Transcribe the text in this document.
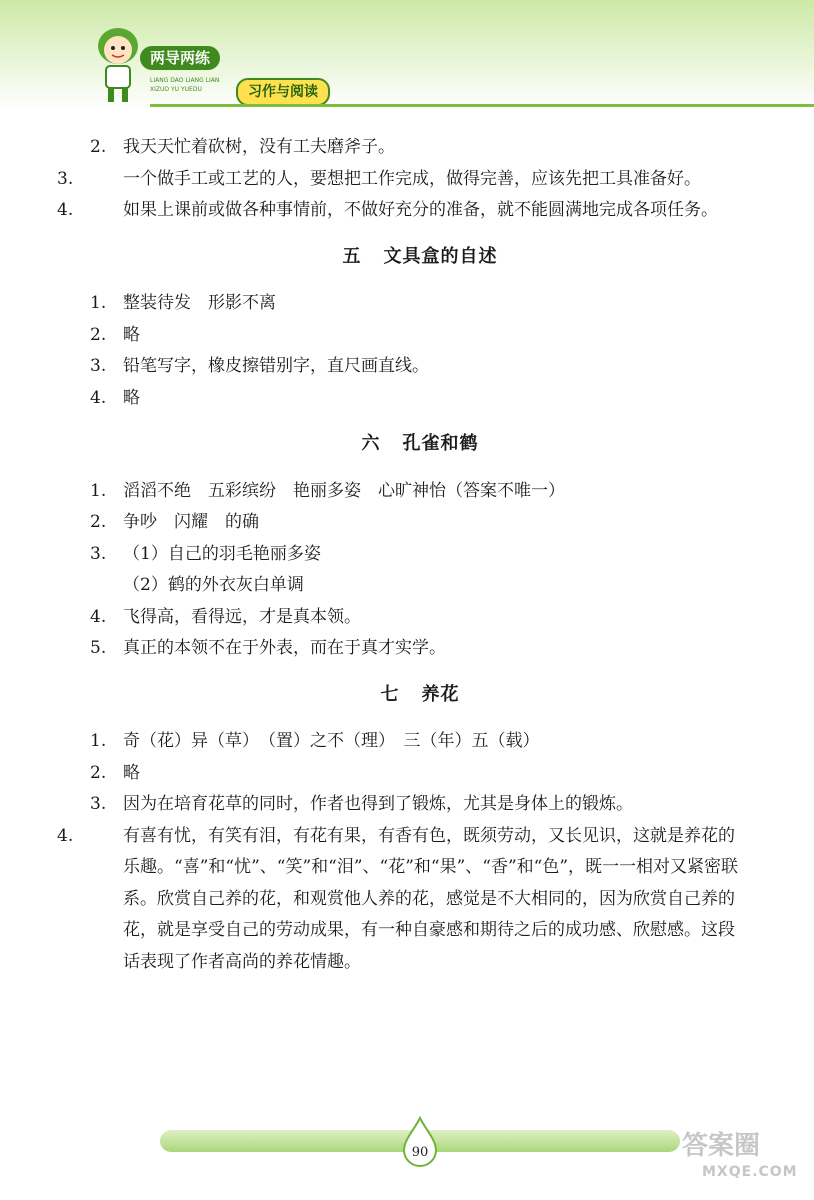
两导两练
LIANG DAO LIANG LIAN XIZUO YU YUEDU	习作与阅读
2. 我天天忙着砍树，没有工夫磨斧子。
3.	一个做手工或工艺的人，要想把工作完成，做得完善，应该先把工具准备好。
4.	如果上课前或做各种事情前，不做好充分的准备，就不能圆满地完成各项任务。
五 文具盒的自述
1. 整装待发　形影不离
2. 略
3. 铅笔写字，橡皮擦错别字，直尺画直线。
4. 略
六 孔雀和鹤
1. 滔滔不绝　五彩缤纷　艳丽多姿　心旷神怡（答案不唯一）
2. 争吵　闪耀　的确
3. （1）自己的羽毛艳丽多姿
（2）鹤的外衣灰白单调
4. 飞得高，看得远，才是真本领。
5. 真正的本领不在于外表，而在于真才实学。
七 养花
1. 奇（花）异（草）　（置）之不（理）　三（年）五（载）
2. 略
3. 因为在培育花草的同时，作者也得到了锻炼，尤其是身体上的锻炼。
4.	有喜有忧，有笑有泪，有花有果，有香有色，既须劳动，又长见识，这就是养花的乐趣。“喜”和“忧”、“笑”和“泪”、“花”和“果”、“香”和“色”，既一一相对又紧密联系。欣赏自己养的花，和观赏他人养的花，感觉是不大相同的，因为欣赏自己养的花，就是享受自己的劳动成果，有一种自豪感和期待之后的成功感、欣慰感。这段话表现了作者高尚的养花情趣。
90	答案圈
MXQE.COM
